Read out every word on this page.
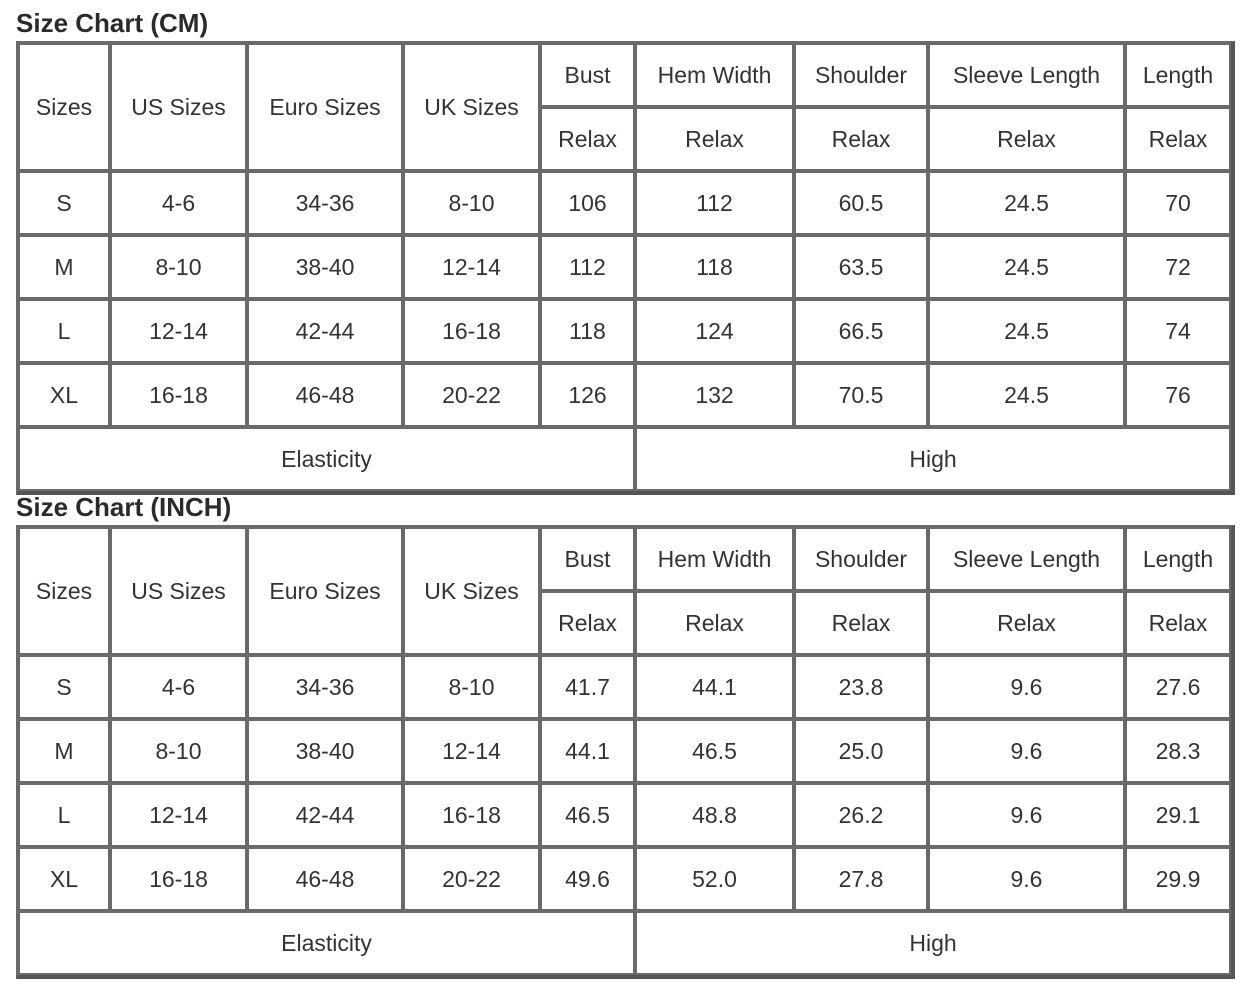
Size Chart (CM)
Sizes	US Sizes	Euro Sizes	UK Sizes	Bust	Hem Width	Shoulder	Sleeve Length	Length
				Relax	Relax	Relax	Relax	Relax
S	4-6	34-36	8-10	106	112	60.5	24.5	70
M	8-10	38-40	12-14	112	118	63.5	24.5	72
L	12-14	42-44	16-18	118	124	66.5	24.5	74
XL	16-18	46-48	20-22	126	132	70.5	24.5	76
Elasticity					High			
Size Chart (INCH)
Sizes	US Sizes	Euro Sizes	UK Sizes	Bust	Hem Width	Shoulder	Sleeve Length	Length
				Relax	Relax	Relax	Relax	Relax
S	4-6	34-36	8-10	41.7	44.1	23.8	9.6	27.6
M	8-10	38-40	12-14	44.1	46.5	25.0	9.6	28.3
L	12-14	42-44	16-18	46.5	48.8	26.2	9.6	29.1
XL	16-18	46-48	20-22	49.6	52.0	27.8	9.6	29.9
Elasticity					High			
